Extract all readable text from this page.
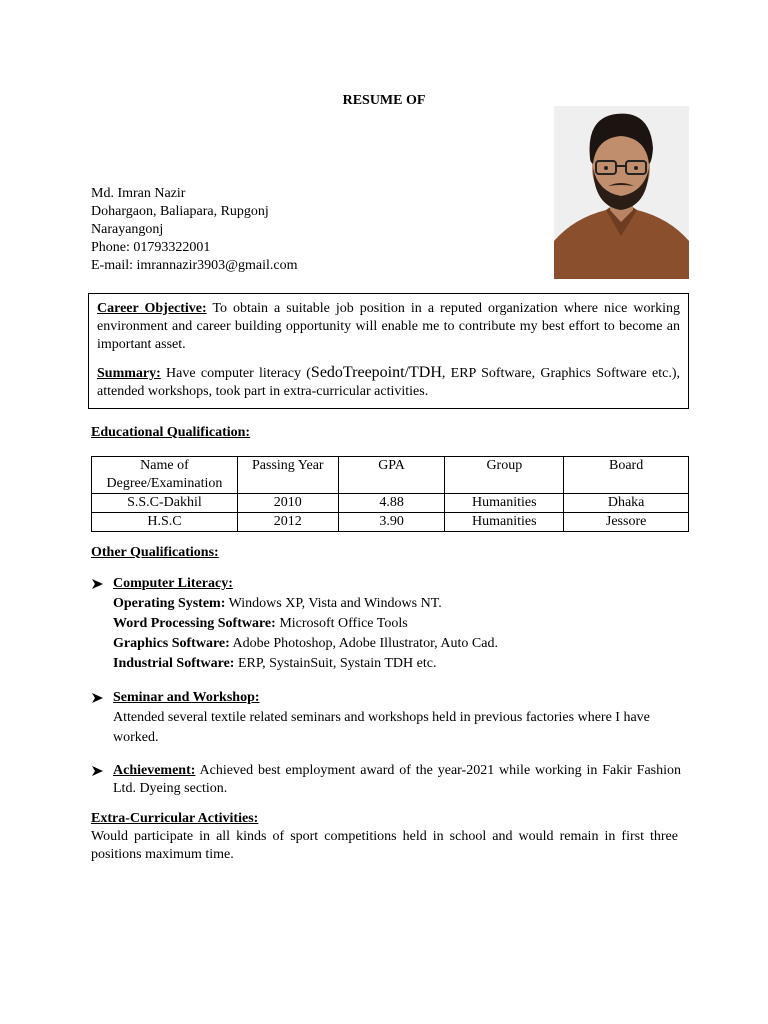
RESUME OF
Md. Imran Nazir
Dohargaon, Baliapara, Rupgonj
Narayangonj
Phone: 01793322001
E-mail: imrannazir3903@gmail.com

Career Objective: To obtain a suitable job position in a reputed organization where nice working environment and career building opportunity will enable me to contribute my best effort to become an important asset.

Summary: Have computer literacy (SedoTreepoint/TDH, ERP Software, Graphics Software etc.), attended workshops, took part in extra-curricular activities.

Educational Qualification:
Name of Degree/Examination	Passing Year	GPA	Group	Board
S.S.C-Dakhil	2010	4.88	Humanities	Dhaka
H.S.C	2012	3.90	Humanities	Jessore
Other Qualifications:
Computer Literacy:
Operating System: Windows XP, Vista and Windows NT.
Word Processing Software: Microsoft Office Tools
Graphics Software: Adobe Photoshop, Adobe Illustrator, Auto Cad.
Industrial Software: ERP, SystainSuit, Systain TDH etc.
Seminar and Workshop:
Attended several textile related seminars and workshops held in previous factories where I have worked.
Achievement: Achieved best employment award of the year-2021 while working in Fakir Fashion Ltd. Dyeing section.
Extra-Curricular Activities:

Would participate in all kinds of sport competitions held in school and would remain in first three positions maximum time.
